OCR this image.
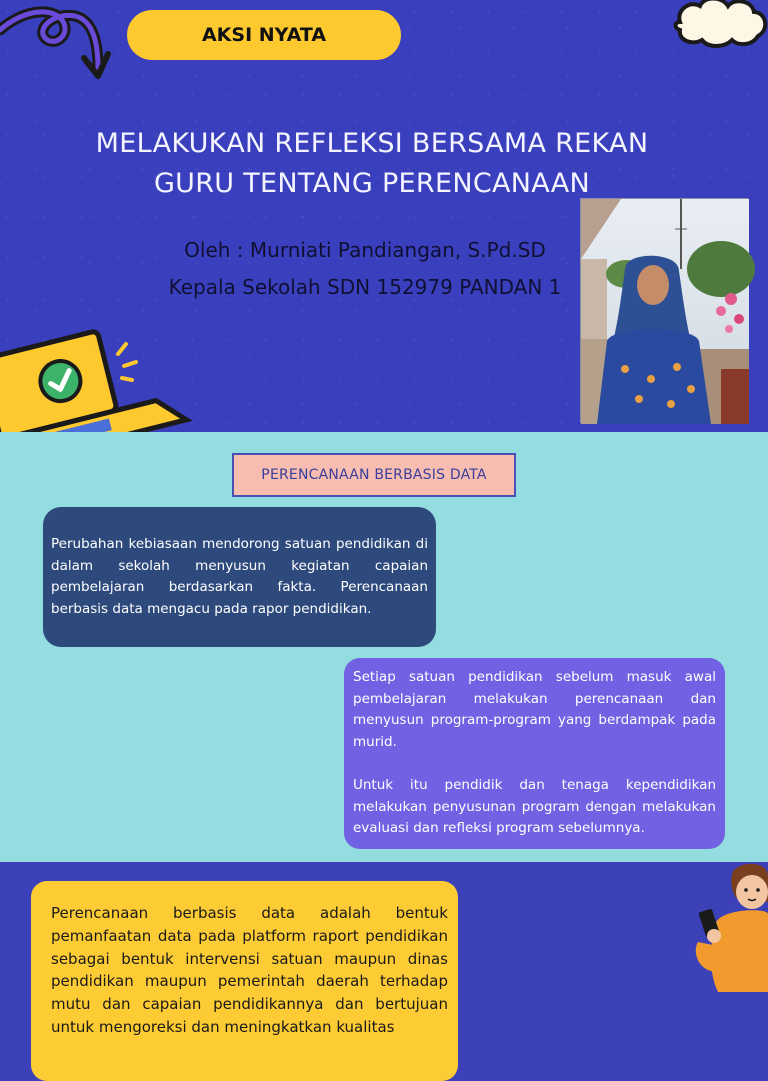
AKSI NYATA
MELAKUKAN REFLEKSI BERSAMA REKAN
GURU TENTANG PERENCANAAN
Oleh : Murniati Pandiangan, S.Pd.SD
Kepala Sekolah SDN 152979 PANDAN 1
PERENCANAAN BERBASIS DATA

Perubahan kebiasaan mendorong satuan pendidikan di dalam sekolah menyusun kegiatan capaian pembelajaran berdasarkan fakta. Perencanaan berbasis data mengacu pada rapor pendidikan.

Setiap satuan pendidikan sebelum masuk awal pembelajaran melakukan perencanaan dan menyusun program-program yang berdampak pada murid.

Untuk itu pendidik dan tenaga kependidikan melakukan penyusunan program dengan melakukan evaluasi dan refleksi program sebelumnya.

Perencanaan berbasis data adalah bentuk pemanfaatan data pada platform raport pendidikan sebagai bentuk intervensi satuan maupun dinas pendidikan maupun pemerintah daerah terhadap mutu dan capaian pendidikannya dan bertujuan untuk mengoreksi dan meningkatkan kualitas
